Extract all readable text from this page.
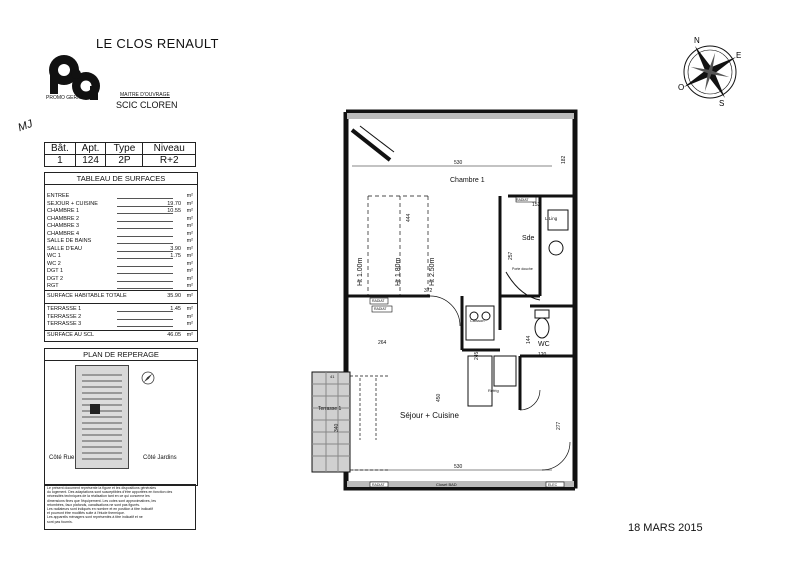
LE CLOS RENAULT
PROMO GERIM	MAITRE D'OUVRAGE
SCIC CLOREN
MJ
Bât.	Apt.	Type	Niveau
1	124	2P	R+2
TABLEAU DE SURFACES
ENTREE	m²
SEJOUR + CUISINE	19.70 m²
CHAMBRE 1	10.55 m²
CHAMBRE 2	m²
CHAMBRE 3	m²
CHAMBRE 4	m²
SALLE DE BAINS	m²
SALLE D'EAU	3.90 m²
WC 1	1.75 m²
WC 2	m²
DGT 1	m²
DGT 2	m²
RGT	m²
SURFACE HABITABLE TOTALE	35.90 m²
TERRASSE 1	1.45 m²
TERRASSE 2	m²
TERRASSE 3	m²
SURFACE AU SCL	46.05 m²
PLAN DE REPERAGE
Côté Rue	Côté Jardins
Le présent document représente la figure et les dispositions générales
du logement. Des adaptations sont susceptibles d'être apportées en fonction des
nécessités techniques de la réalisation tant en ce qui concerne les
dimensions fines que l'équipement. Les cotes sont approximatives, les
retombées, faux plafonds, canalisations ne sont pas figurés.
Les radiateurs sont indiqués en nombre et en position à titre indicatif
et pourront être modifiés suite à l'étude thermique.
Les appareils ménagers sont représentés à titre indicatif et ne
sont pas fournis.
N
E
S
O
Chambre 1
Séjour + Cuisine
Sde
WC
Terrasse 1
L.Ling
RADIAT
RADIAT
RADIAT
RADIAT	ELEC
Cuisson
Refrig
Porte douche
Closet BAD
Ht 1.00m	Ht 1.80m	Ht 2.50m
530	182
153
444
257
372
264
245
144
120
450
277
340
530
41
18 MARS 2015
